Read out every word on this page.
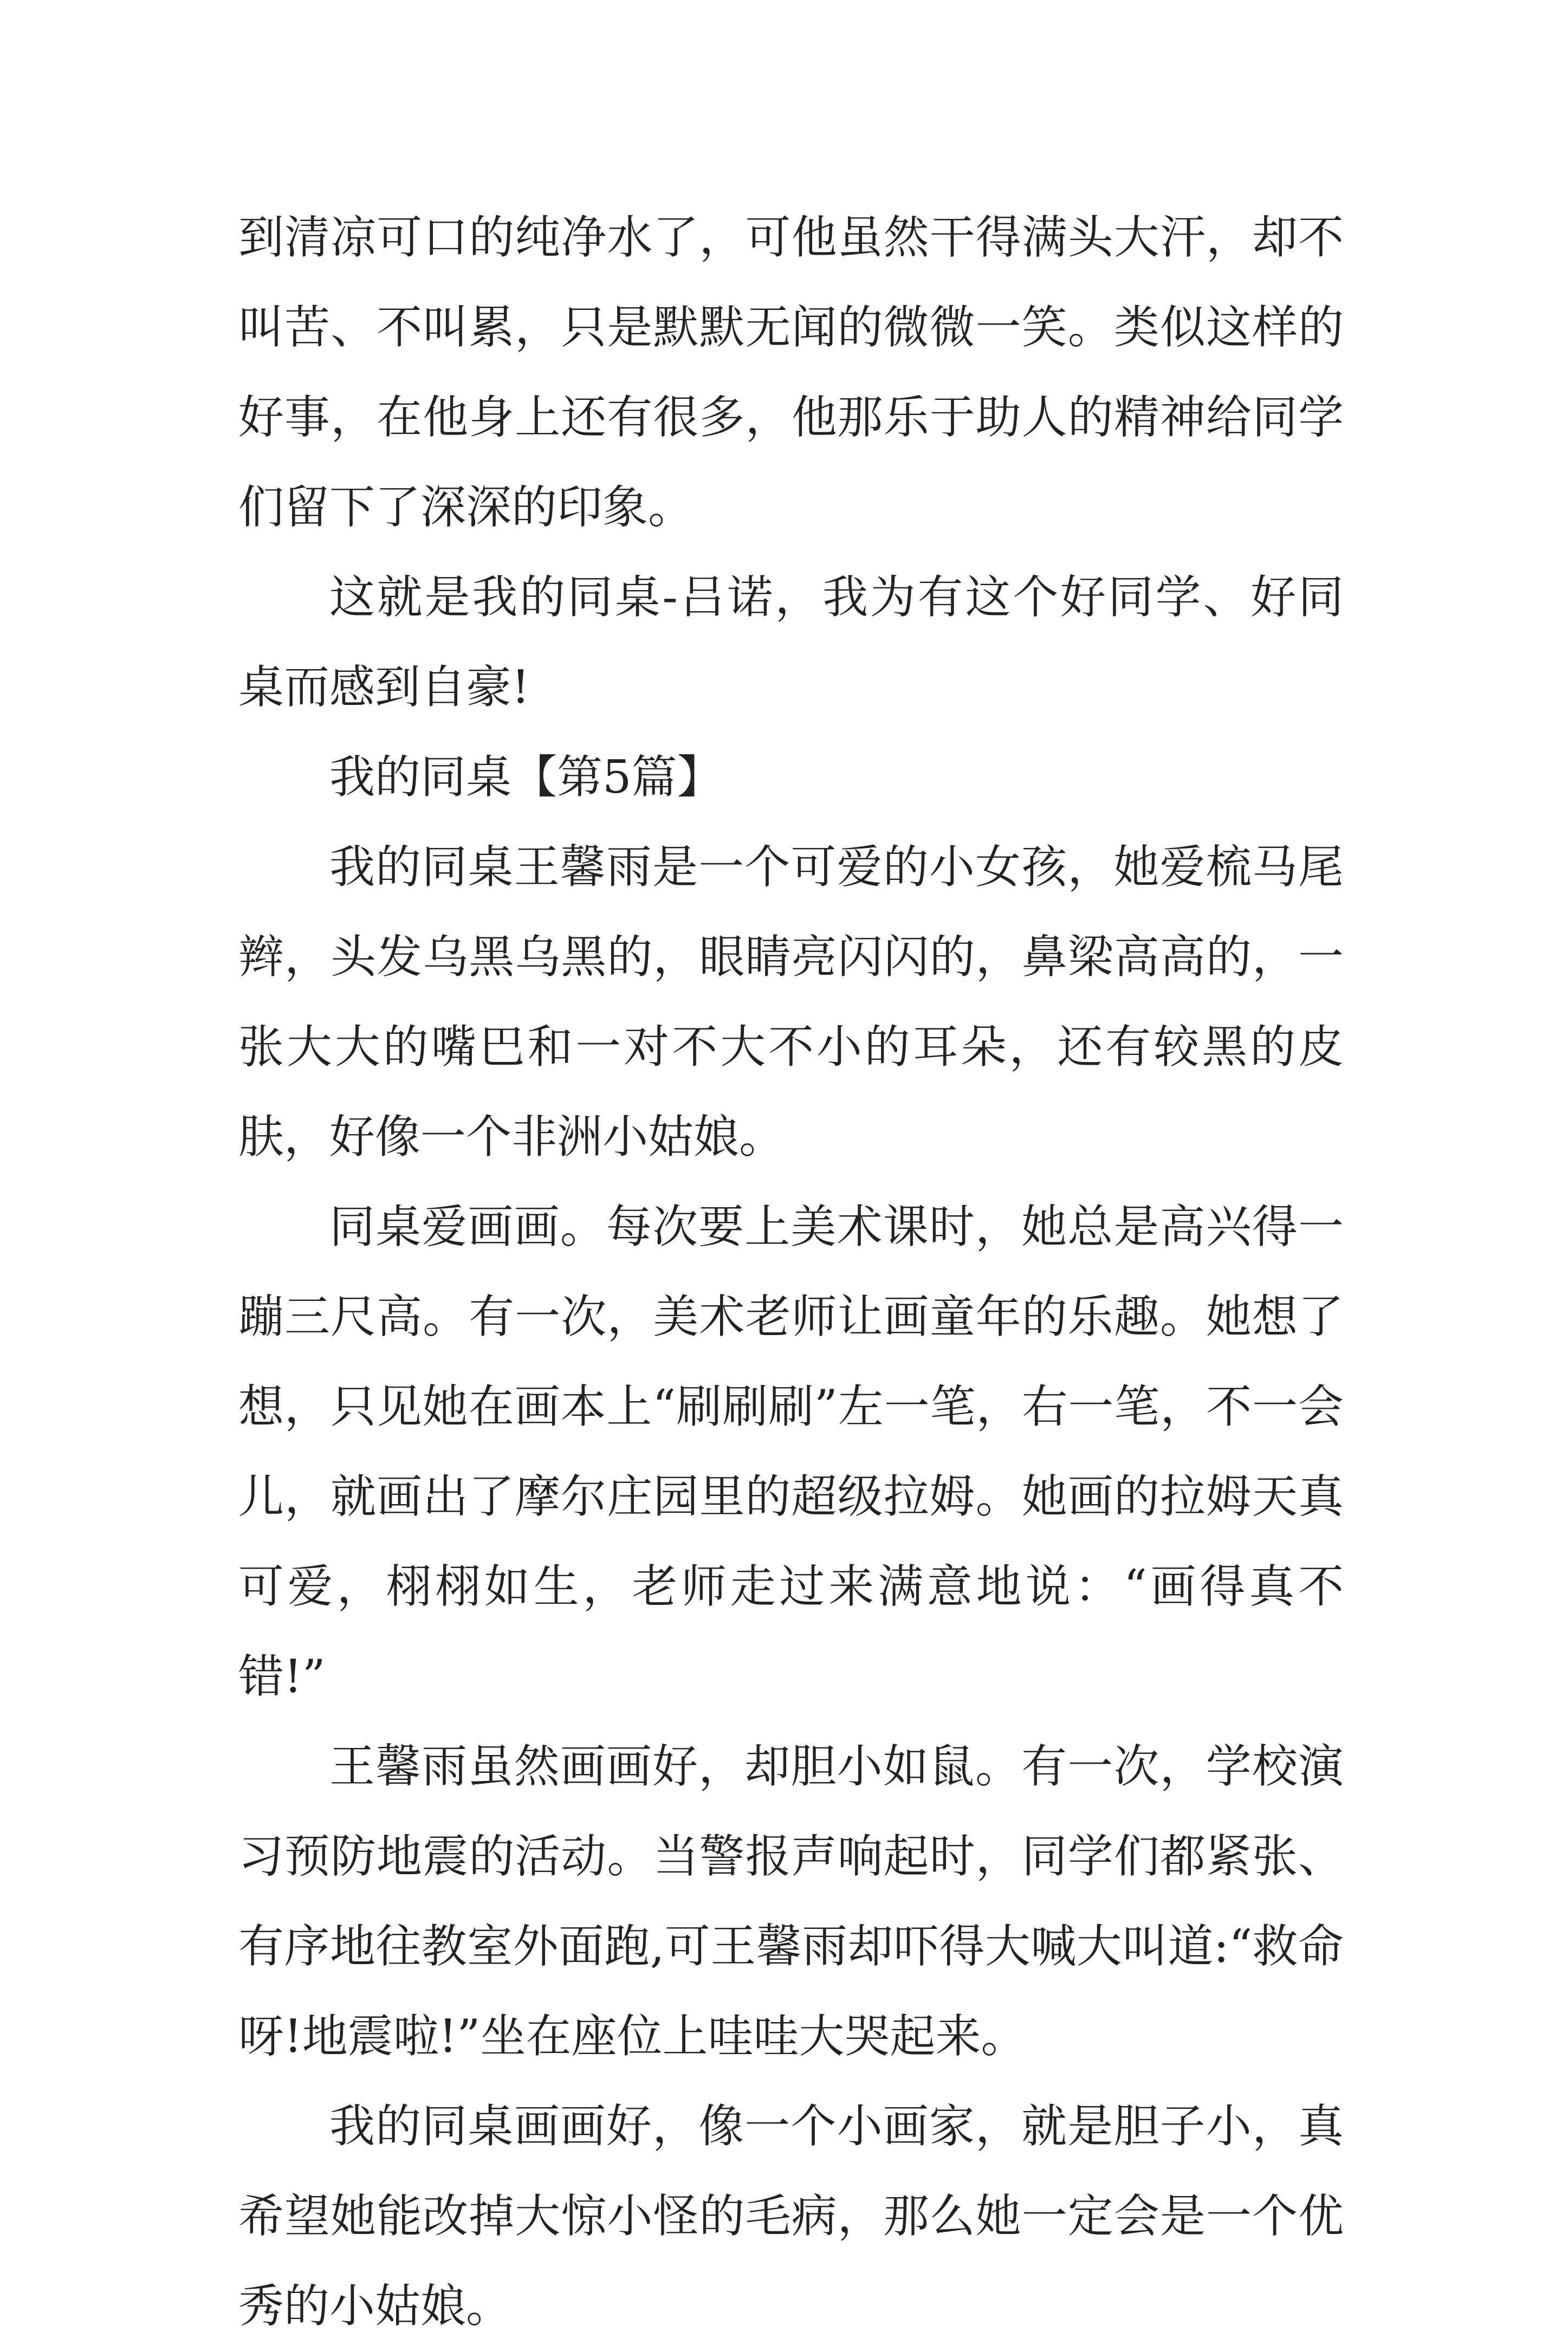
到清凉可口的纯净水了，可他虽然干得满头大汗，却不叫苦、不叫累，只是默默无闻的微微一笑。类似这样的好事，在他身上还有很多，他那乐于助人的精神给同学们留下了深深的印象。

这就是我的同桌-吕诺，我为有这个好同学、好同桌而感到自豪!

我的同桌【第5篇】

我的同桌王馨雨是一个可爱的小女孩，她爱梳马尾辫，头发乌黑乌黑的，眼睛亮闪闪的，鼻梁高高的，一张大大的嘴巴和一对不大不小的耳朵，还有较黑的皮肤，好像一个非洲小姑娘。

同桌爱画画。每次要上美术课时，她总是高兴得一蹦三尺高。有一次，美术老师让画童年的乐趣。她想了想，只见她在画本上“刷刷刷”左一笔，右一笔，不一会儿，就画出了摩尔庄园里的超级拉姆。她画的拉姆天真可爱，栩栩如生，老师走过来满意地说：“画得真不错!”

王馨雨虽然画画好，却胆小如鼠。有一次，学校演习预防地震的活动。当警报声响起时，同学们都紧张、有序地往教室外面跑,可王馨雨却吓得大喊大叫道:“救命呀!地震啦!”坐在座位上哇哇大哭起来。

我的同桌画画好，像一个小画家，就是胆子小，真希望她能改掉大惊小怪的毛病，那么她一定会是一个优秀的小姑娘。
